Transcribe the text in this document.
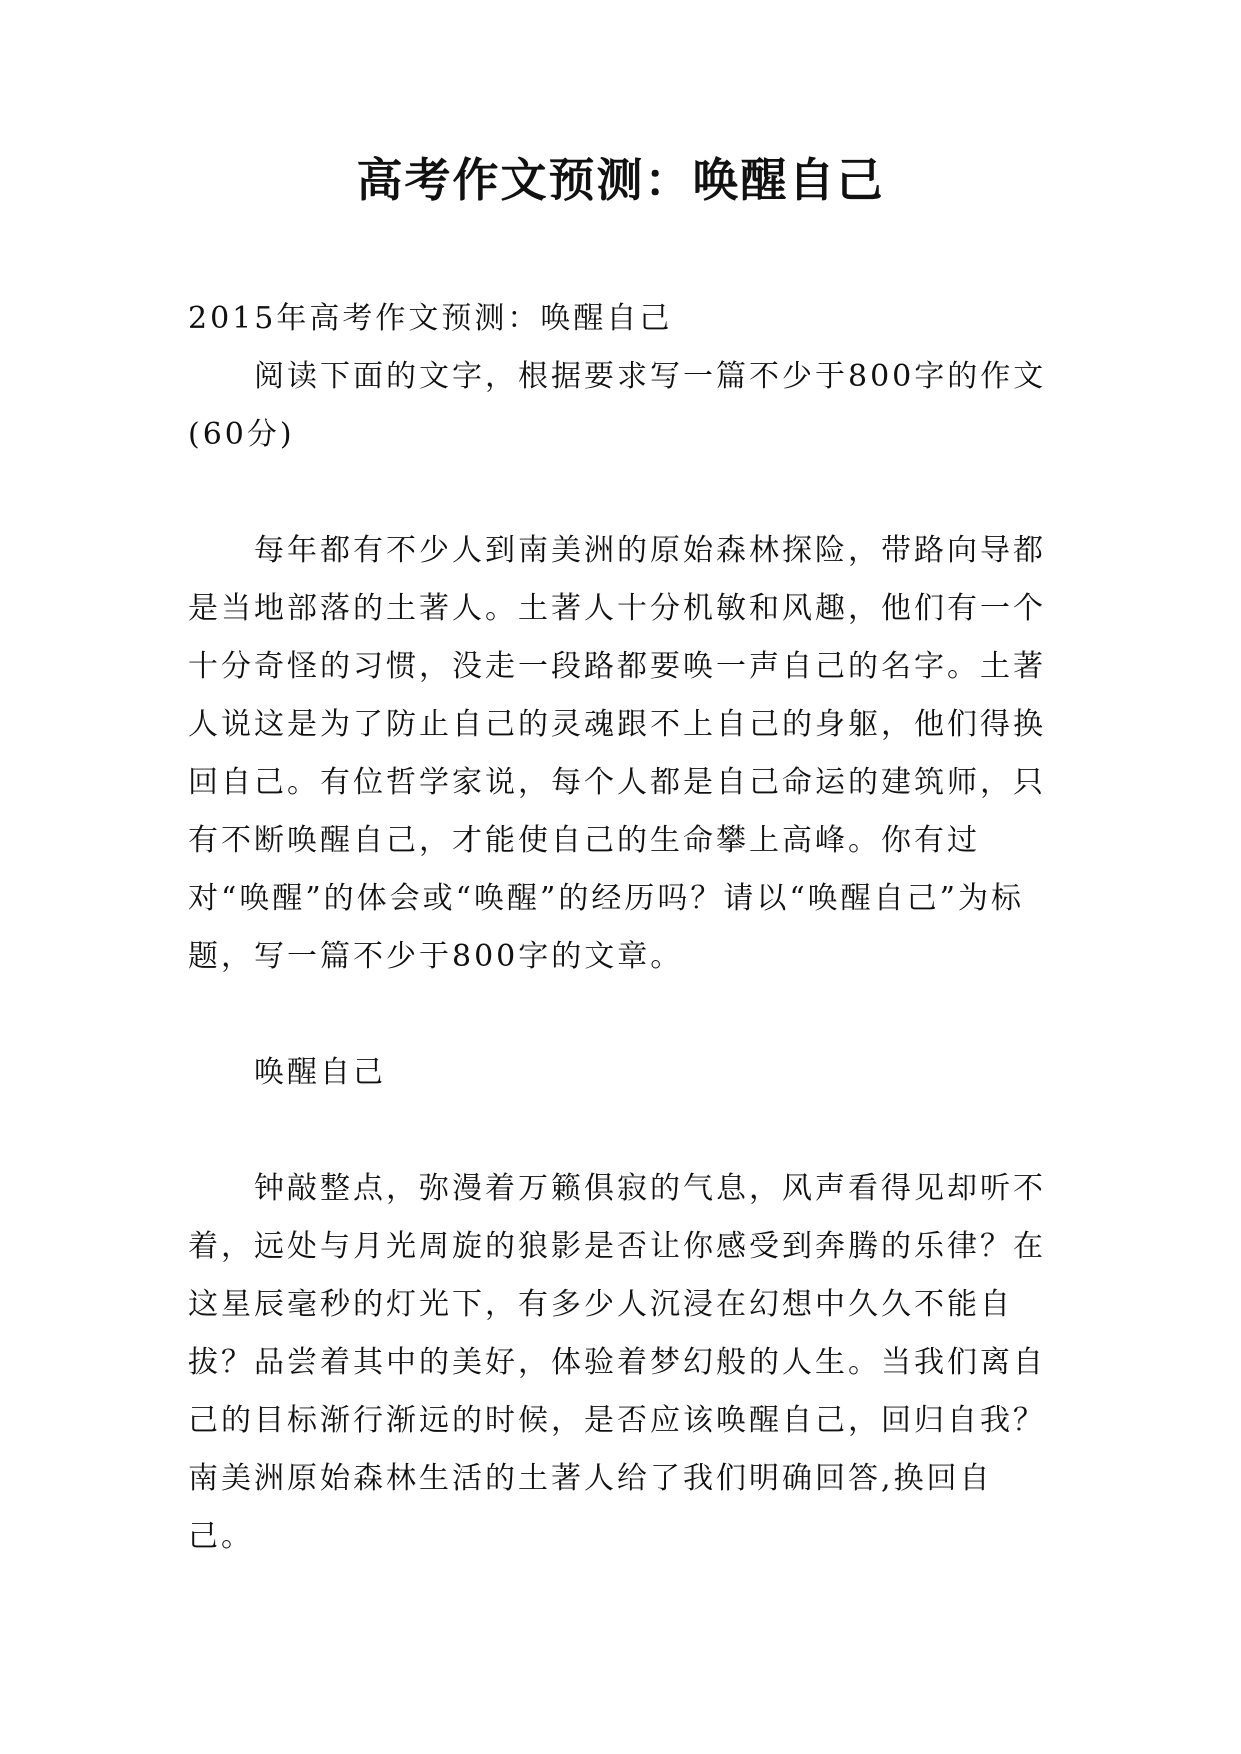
高考作文预测：唤醒自己

2015年高考作文预测：唤醒自己

阅读下面的文字，根据要求写一篇不少于800字的作文(60分)

每年都有不少人到南美洲的原始森林探险，带路向导都是当地部落的土著人。土著人十分机敏和风趣，他们有一个十分奇怪的习惯，没走一段路都要唤一声自己的名字。土著人说这是为了防止自己的灵魂跟不上自己的身躯，他们得换回自己。有位哲学家说，每个人都是自己命运的建筑师，只有不断唤醒自己，才能使自己的生命攀上高峰。你有过对“唤醒”的体会或“唤醒”的经历吗？请以“唤醒自己”为标题，写一篇不少于800字的文章。

唤醒自己

钟敲整点，弥漫着万籁俱寂的气息，风声看得见却听不着，远处与月光周旋的狼影是否让你感受到奔腾的乐律？在这星辰毫秒的灯光下，有多少人沉浸在幻想中久久不能自拔？品尝着其中的美好，体验着梦幻般的人生。当我们离自己的目标渐行渐远的时候，是否应该唤醒自己，回归自我？南美洲原始森林生活的土著人给了我们明确回答,换回自己。
